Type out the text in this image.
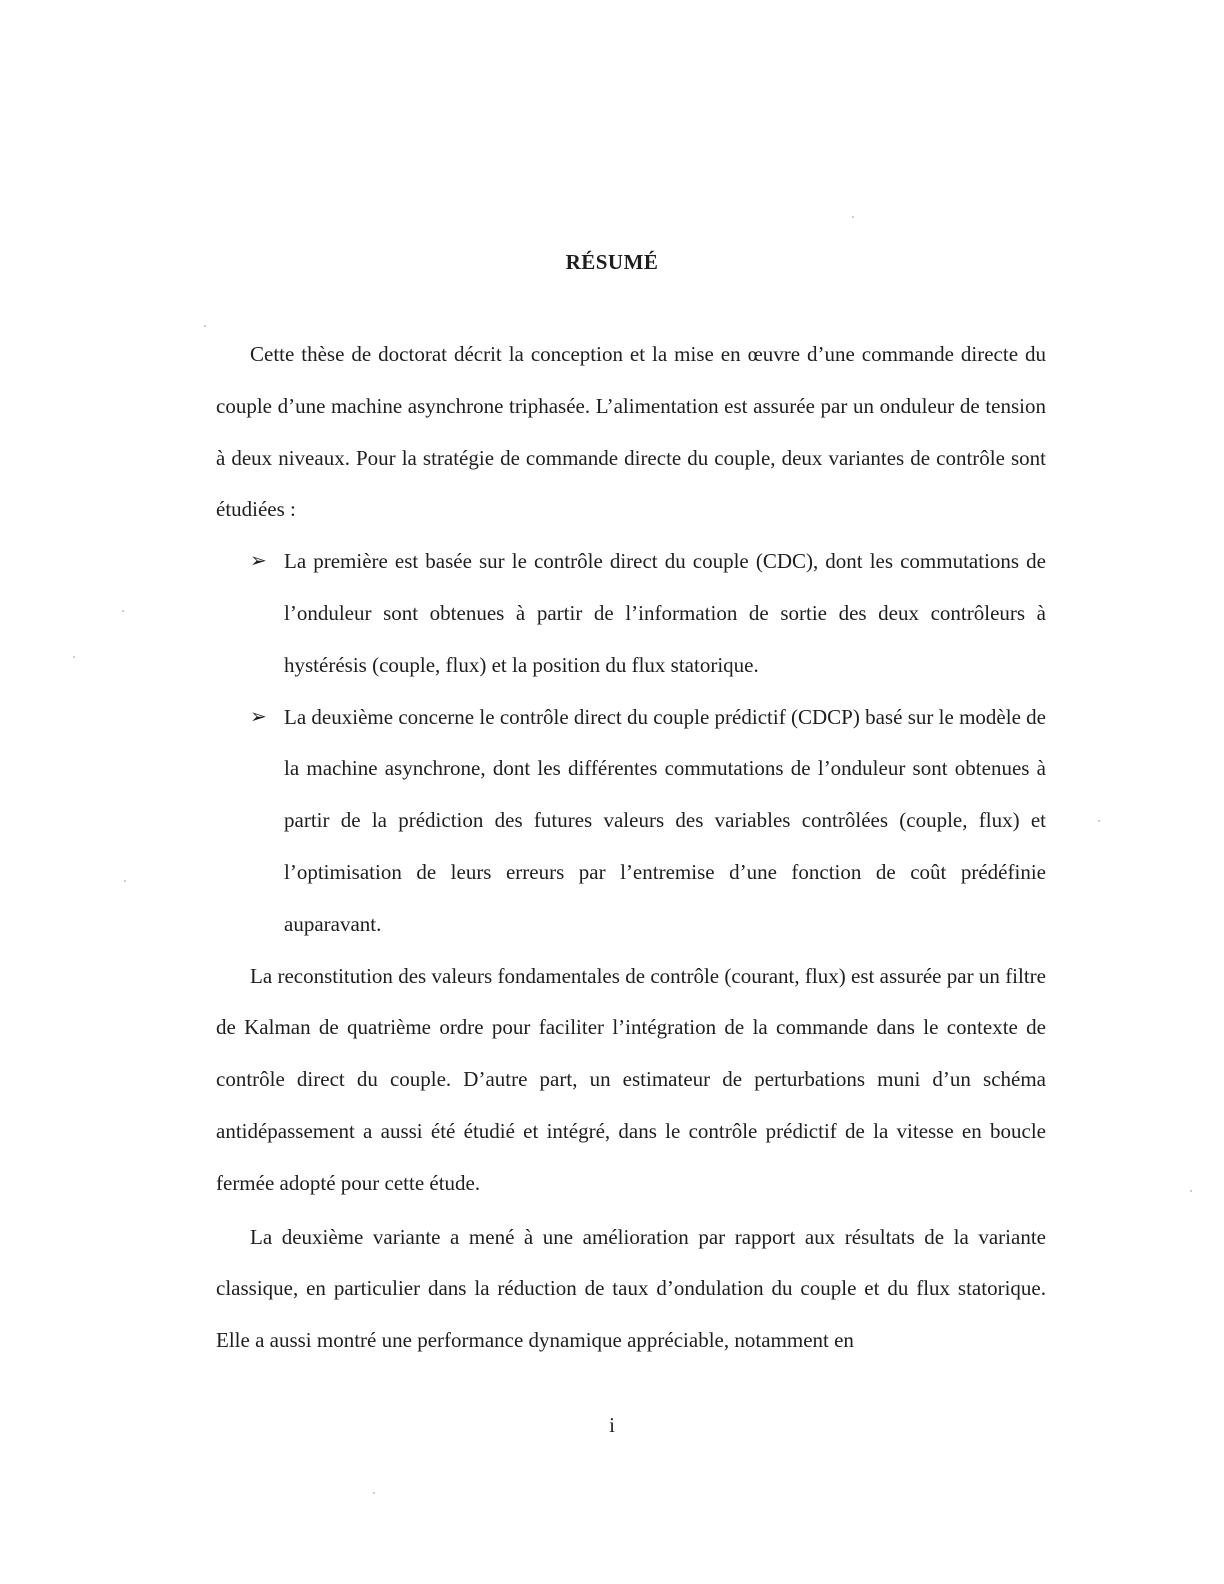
RÉSUMÉ

Cette thèse de doctorat décrit la conception et la mise en œuvre d’une commande directe du couple d’une machine asynchrone triphasée. L’alimentation est assurée par un onduleur de tension à deux niveaux. Pour la stratégie de commande directe du couple, deux variantes de contrôle sont étudiées :

➢ La première est basée sur le contrôle direct du couple (CDC), dont les commutations de l’onduleur sont obtenues à partir de l’information de sortie des deux contrôleurs à hystérésis (couple, flux) et la position du flux statorique.
➢ La deuxième concerne le contrôle direct du couple prédictif (CDCP) basé sur le modèle de la machine asynchrone, dont les différentes commutations de l’onduleur sont obtenues à partir de la prédiction des futures valeurs des variables contrôlées (couple, flux) et l’optimisation de leurs erreurs par l’entremise d’une fonction de coût prédéfinie auparavant.

La reconstitution des valeurs fondamentales de contrôle (courant, flux) est assurée par un filtre de Kalman de quatrième ordre pour faciliter l’intégration de la commande dans le contexte de contrôle direct du couple. D’autre part, un estimateur de perturbations muni d’un schéma antidépassement a aussi été étudié et intégré, dans le contrôle prédictif de la vitesse en boucle fermée adopté pour cette étude.

La deuxième variante a mené à une amélioration par rapport aux résultats de la variante classique, en particulier dans la réduction de taux d’ondulation du couple et du flux statorique. Elle a aussi montré une performance dynamique appréciable, notamment en

i
